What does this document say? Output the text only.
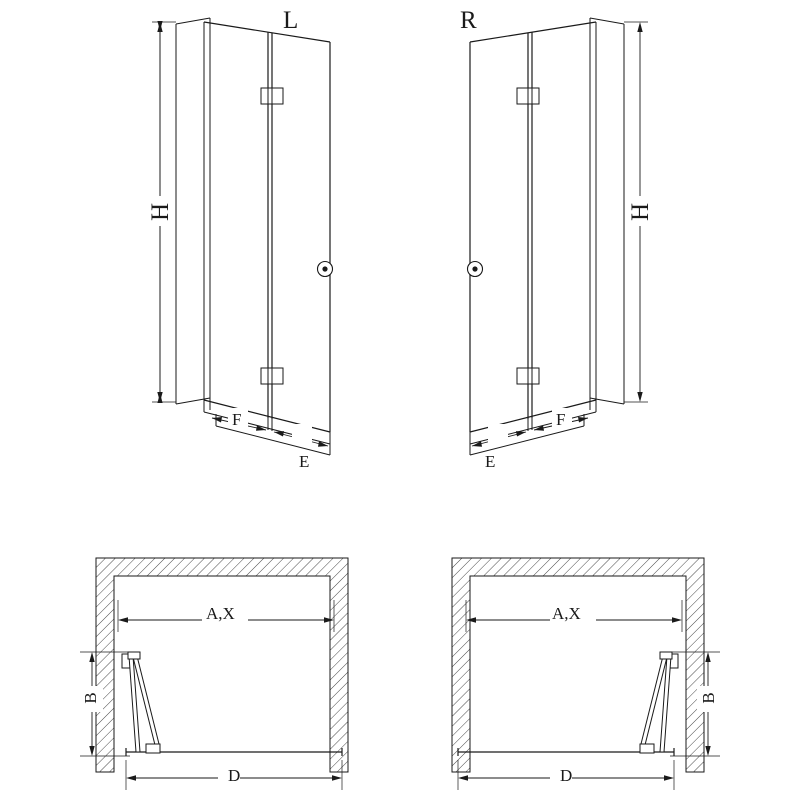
L	R
H	H
F
E
F
E
A,X
B
D
A,X
B
D
